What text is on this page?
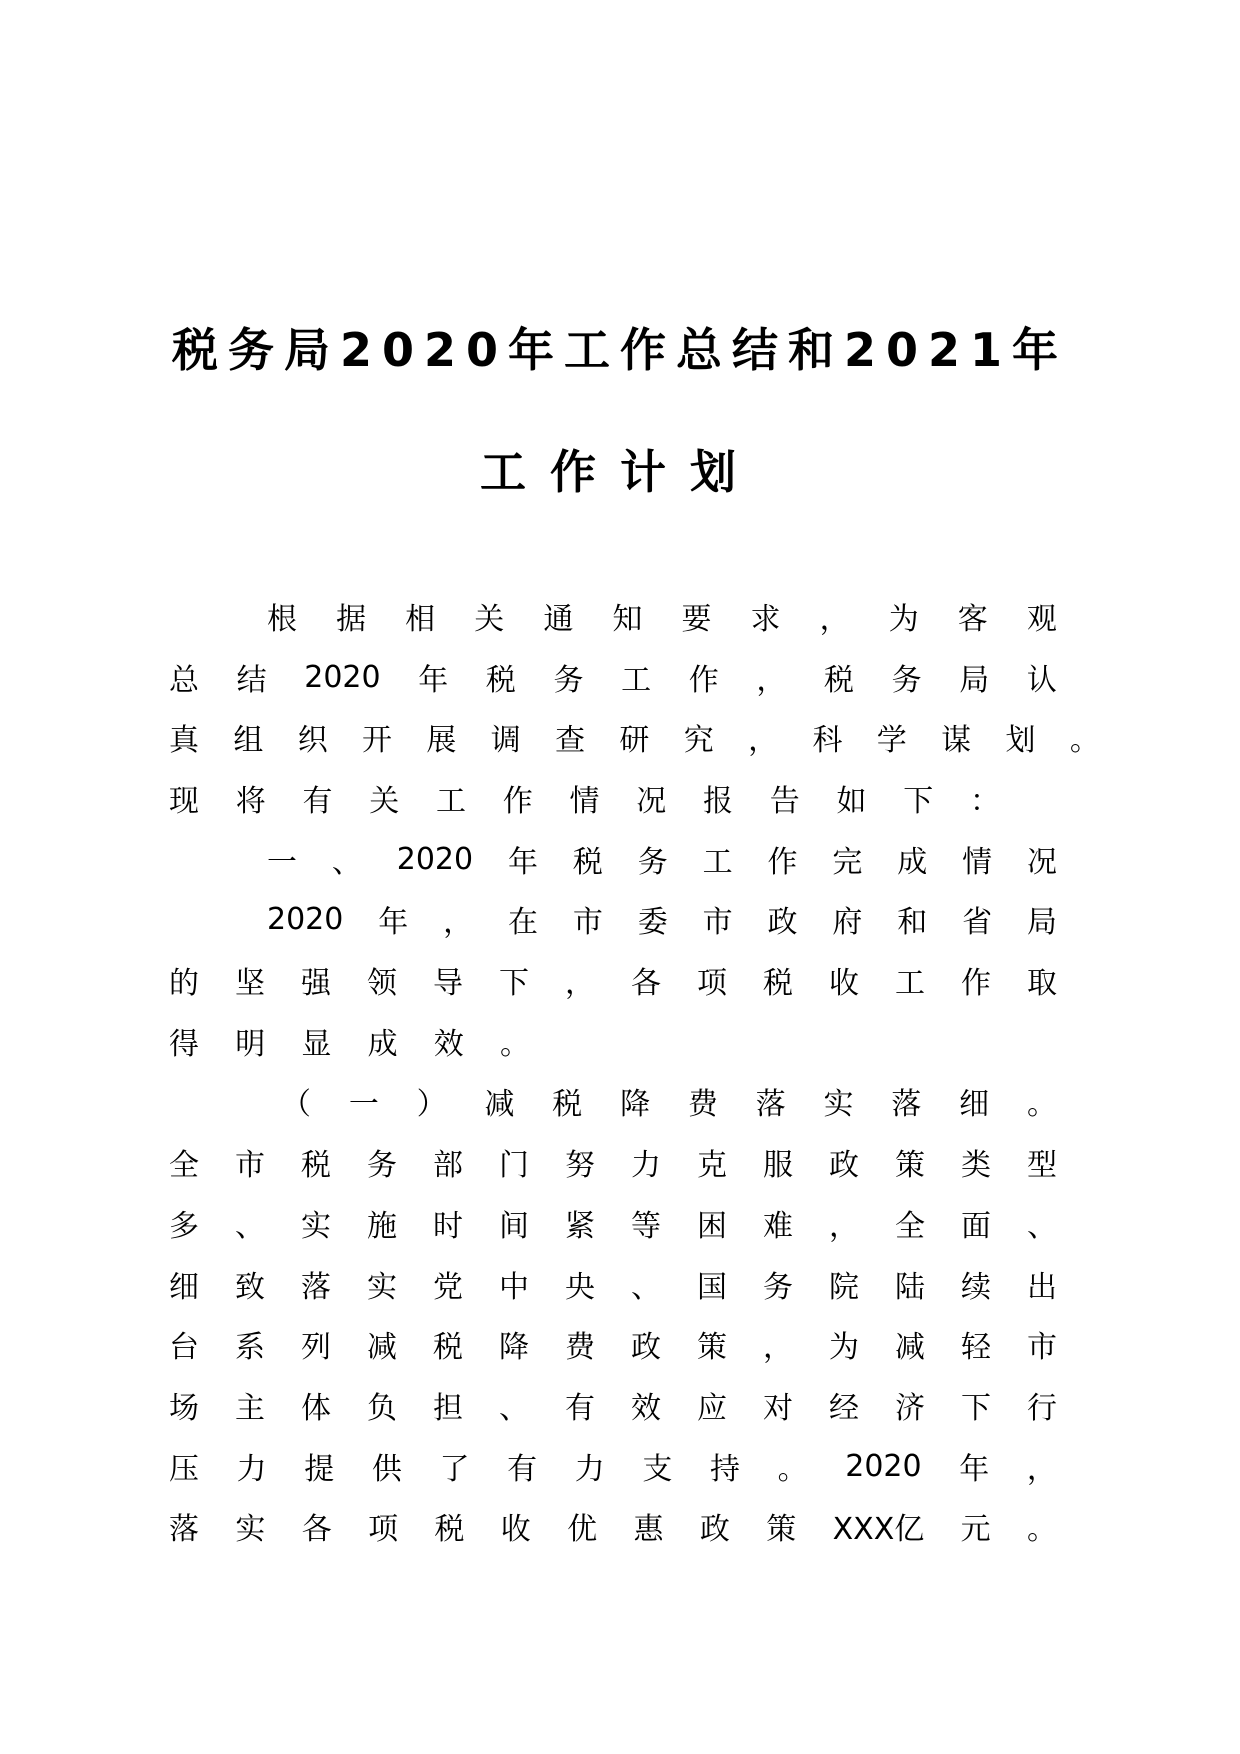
税务局2020年工作总结和2021年
工作计划
根 据 相 关 通 知 要 求 ， 为 客 观
总 结 2020 年 税 务 工 作 ， 税 务 局 认
真 组 织 开 展 调 查 研 究 ， 科 学 谋 划 。
现 将 有 关 工 作 情 况 报 告 如 下 ：
一 、 2020 年 税 务 工 作 完 成 情 况
2020 年 ， 在 市 委 市 政 府 和 省 局
的 坚 强 领 导 下 ， 各 项 税 收 工 作 取
得 明 显 成 效 。
（ 一 ） 减 税 降 费 落 实 落 细 。
全 市 税 务 部 门 努 力 克 服 政 策 类 型
多 、 实 施 时 间 紧 等 困 难 ， 全 面 、
细 致 落 实 党 中 央 、 国 务 院 陆 续 出
台 系 列 减 税 降 费 政 策 ， 为 减 轻 市
场 主 体 负 担 、 有 效 应 对 经 济 下 行
压 力 提 供 了 有 力 支 持 。 2020 年 ，
落 实 各 项 税 收 优 惠 政 策 XXX亿 元 。
